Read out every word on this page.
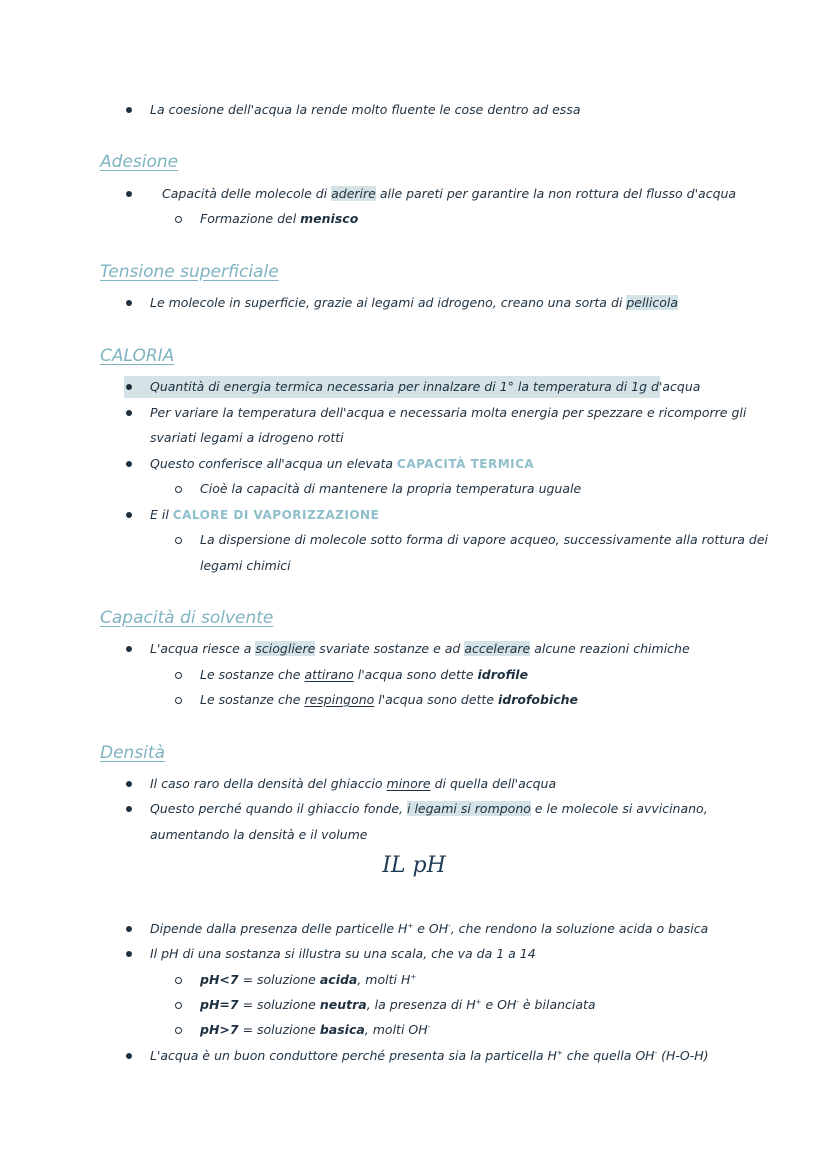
La coesione dell'acqua la rende molto fluente le cose dentro ad essa
Adesione
Capacità delle molecole di aderire alle pareti per garantire la non rottura del flusso d'acqua
Formazione del menisco
Tensione superficiale
Le molecole in superficie, grazie ai legami ad idrogeno, creano una sorta di pellicola
CALORIA
Quantità di energia termica necessaria per innalzare di 1° la temperatura di 1g d'acqua
Per variare la temperatura dell'acqua e necessaria molta energia per spezzare e ricomporre gli
svariati legami a idrogeno rotti
Questo conferisce all'acqua un elevata CAPACITÀ TERMICA
Cioè la capacità di mantenere la propria temperatura uguale
E il CALORE DI VAPORIZZAZIONE
La dispersione di molecole sotto forma di vapore acqueo, successivamente alla rottura dei
legami chimici
Capacità di solvente
L'acqua riesce a sciogliere svariate sostanze e ad accelerare alcune reazioni chimiche
Le sostanze che attirano l'acqua sono dette idrofile
Le sostanze che respingono l'acqua sono dette idrofobiche
Densità
Il caso raro della densità del ghiaccio minore di quella dell'acqua
Questo perché quando il ghiaccio fonde, i legami si rompono e le molecole si avvicinano,
aumentando la densità e il volume
IL pH
Dipende dalla presenza delle particelle H+ e OH-, che rendono la soluzione acida o basica
Il pH di una sostanza si illustra su una scala, che va da 1 a 14
pH<7 = soluzione acida, molti H+
pH=7 = soluzione neutra, la presenza di H+ e OH- è bilanciata
pH>7 = soluzione basica, molti OH-
L'acqua è un buon conduttore perché presenta sia la particella H+ che quella OH- (H-O-H)
